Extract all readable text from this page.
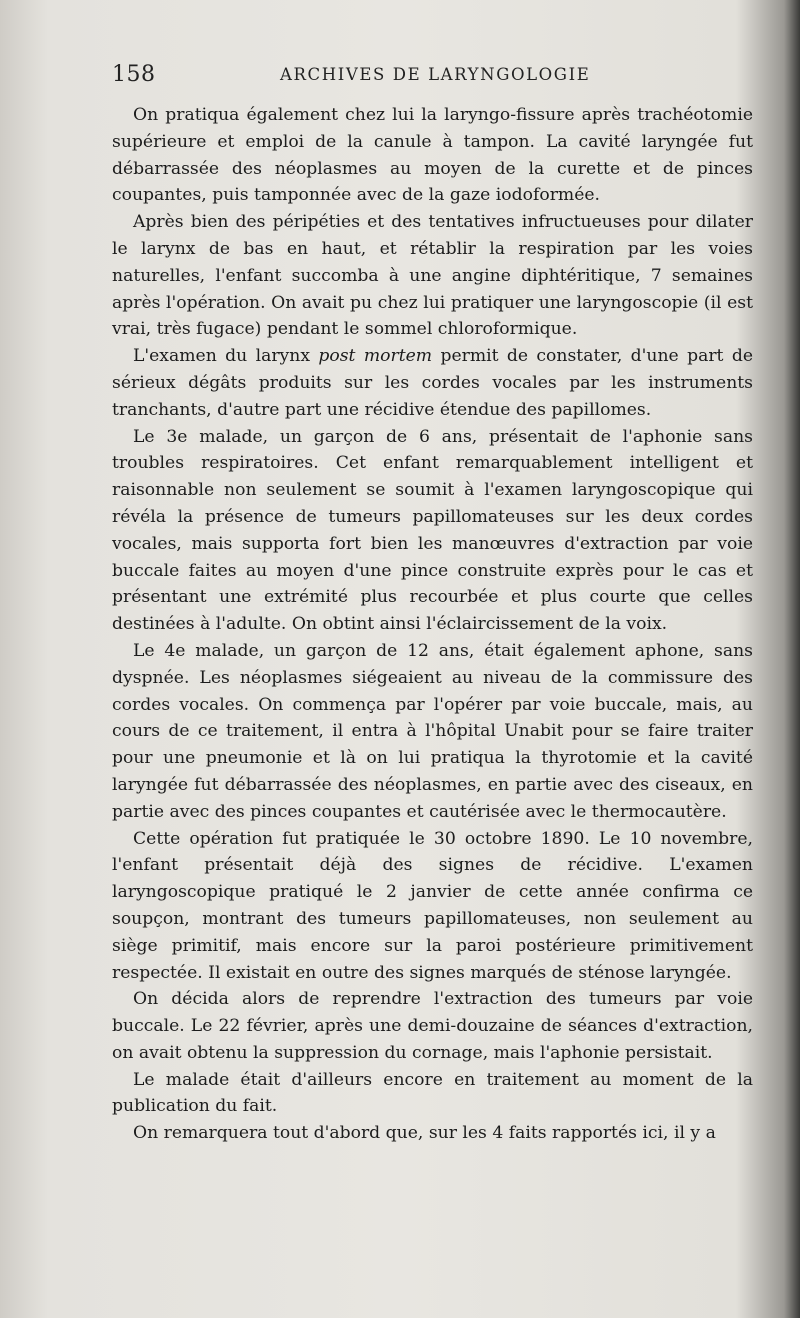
158	ARCHIVES DE LARYNGOLOGIE

On pratiqua également chez lui la laryngo-fissure après trachéotomie supérieure et emploi de la canule à tampon. La cavité laryngée fut débarrassée des néoplasmes au moyen de la curette et de pinces coupantes, puis tamponnée avec de la gaze iodoformée.

Après bien des péripéties et des tentatives infructueuses pour dilater le larynx de bas en haut, et rétablir la respiration par les voies naturelles, l'enfant succomba à une angine diphtéritique, 7 semaines après l'opération. On avait pu chez lui pratiquer une laryngoscopie (il est vrai, très fugace) pendant le sommel chloroformique.

L'examen du larynx post mortem permit de constater, d'une part de sérieux dégâts produits sur les cordes vocales par les instruments tranchants, d'autre part une récidive étendue des papillomes.

Le 3e malade, un garçon de 6 ans, présentait de l'aphonie sans troubles respiratoires. Cet enfant remarquablement intelligent et raisonnable non seulement se soumit à l'examen laryngoscopique qui révéla la présence de tumeurs papillomateuses sur les deux cordes vocales, mais supporta fort bien les manœuvres d'extraction par voie buccale faites au moyen d'une pince construite exprès pour le cas et présentant une extrémité plus recourbée et plus courte que celles destinées à l'adulte. On obtint ainsi l'éclaircissement de la voix.

Le 4e malade, un garçon de 12 ans, était également aphone, sans dyspnée. Les néoplasmes siégeaient au niveau de la commissure des cordes vocales. On commença par l'opérer par voie buccale, mais, au cours de ce traitement, il entra à l'hôpital Unabit pour se faire traiter pour une pneumonie et là on lui pratiqua la thyrotomie et la cavité laryngée fut débarrassée des néoplasmes, en partie avec des ciseaux, en partie avec des pinces coupantes et cautérisée avec le thermocautère.

Cette opération fut pratiquée le 30 octobre 1890. Le 10 novembre, l'enfant présentait déjà des signes de récidive. L'examen laryngoscopique pratiqué le 2 janvier de cette année confirma ce soupçon, montrant des tumeurs papillomateuses, non seulement au siège primitif, mais encore sur la paroi postérieure primitivement respectée. Il existait en outre des signes marqués de sténose laryngée.

On décida alors de reprendre l'extraction des tumeurs par voie buccale. Le 22 février, après une demi-douzaine de séances d'extraction, on avait obtenu la suppression du cornage, mais l'aphonie persistait.

Le malade était d'ailleurs encore en traitement au moment de la publication du fait.

On remarquera tout d'abord que, sur les 4 faits rapportés ici, il y a
